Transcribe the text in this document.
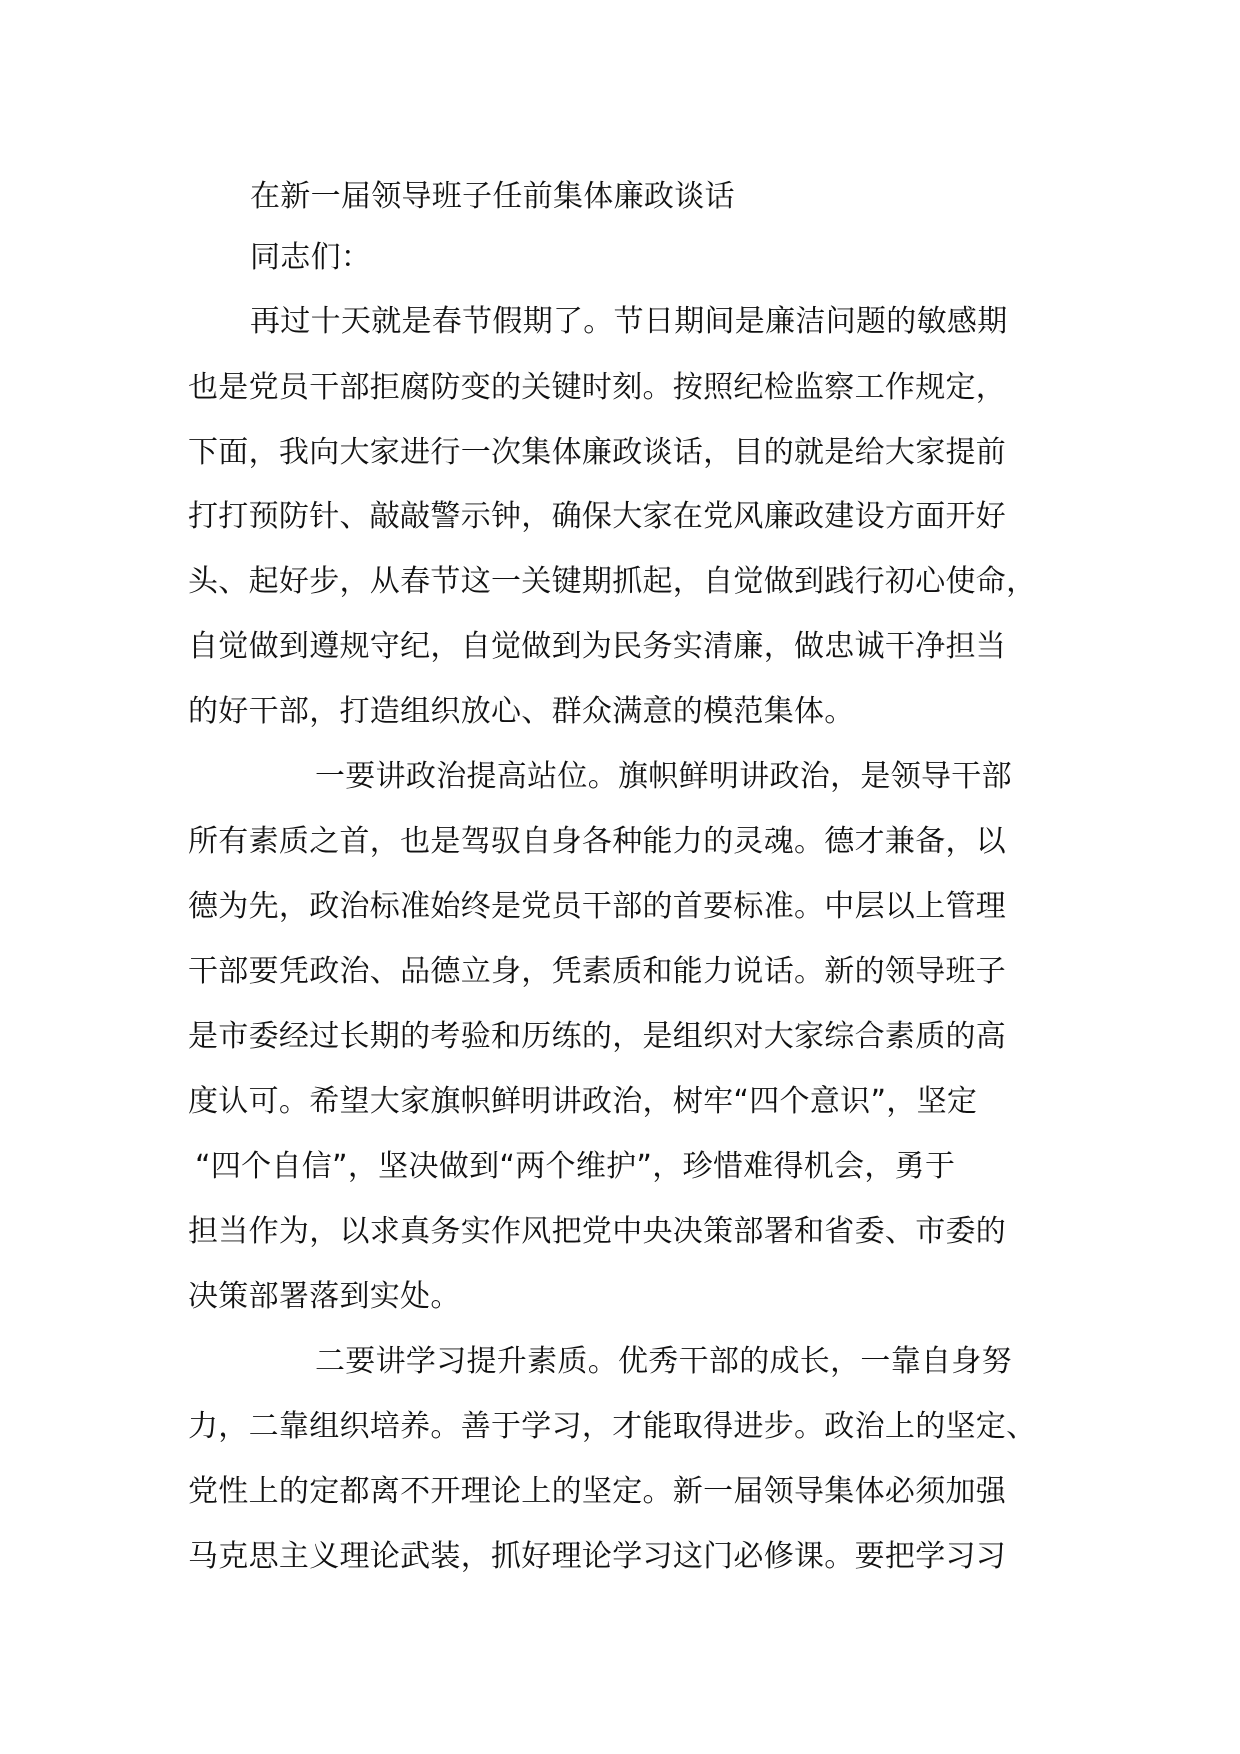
在新一届领导班子任前集体廉政谈话
同志们：
再过十天就是春节假期了。节日期间是廉洁问题的敏感期
也是党员干部拒腐防变的关键时刻。按照纪检监察工作规定，
下面，我向大家进行一次集体廉政谈话，目的就是给大家提前
打打预防针、敲敲警示钟，确保大家在党风廉政建设方面开好
头、起好步，从春节这一关键期抓起，自觉做到践行初心使命，
自觉做到遵规守纪，自觉做到为民务实清廉，做忠诚干净担当
的好干部，打造组织放心、群众满意的模范集体。
一要讲政治提高站位。旗帜鲜明讲政治，是领导干部
所有素质之首，也是驾驭自身各种能力的灵魂。德才兼备，以
德为先，政治标准始终是党员干部的首要标准。中层以上管理
干部要凭政治、品德立身，凭素质和能力说话。新的领导班子
是市委经过长期的考验和历练的，是组织对大家综合素质的高
度认可。希望大家旗帜鲜明讲政治，树牢“四个意识”，坚定
“四个自信”，坚决做到“两个维护”，珍惜难得机会，勇于
担当作为，以求真务实作风把党中央决策部署和省委、市委的
决策部署落到实处。
二要讲学习提升素质。优秀干部的成长，一靠自身努
力，二靠组织培养。善于学习，才能取得进步。政治上的坚定、
党性上的定都离不开理论上的坚定。新一届领导集体必须加强
马克思主义理论武装，抓好理论学习这门必修课。要把学习习
